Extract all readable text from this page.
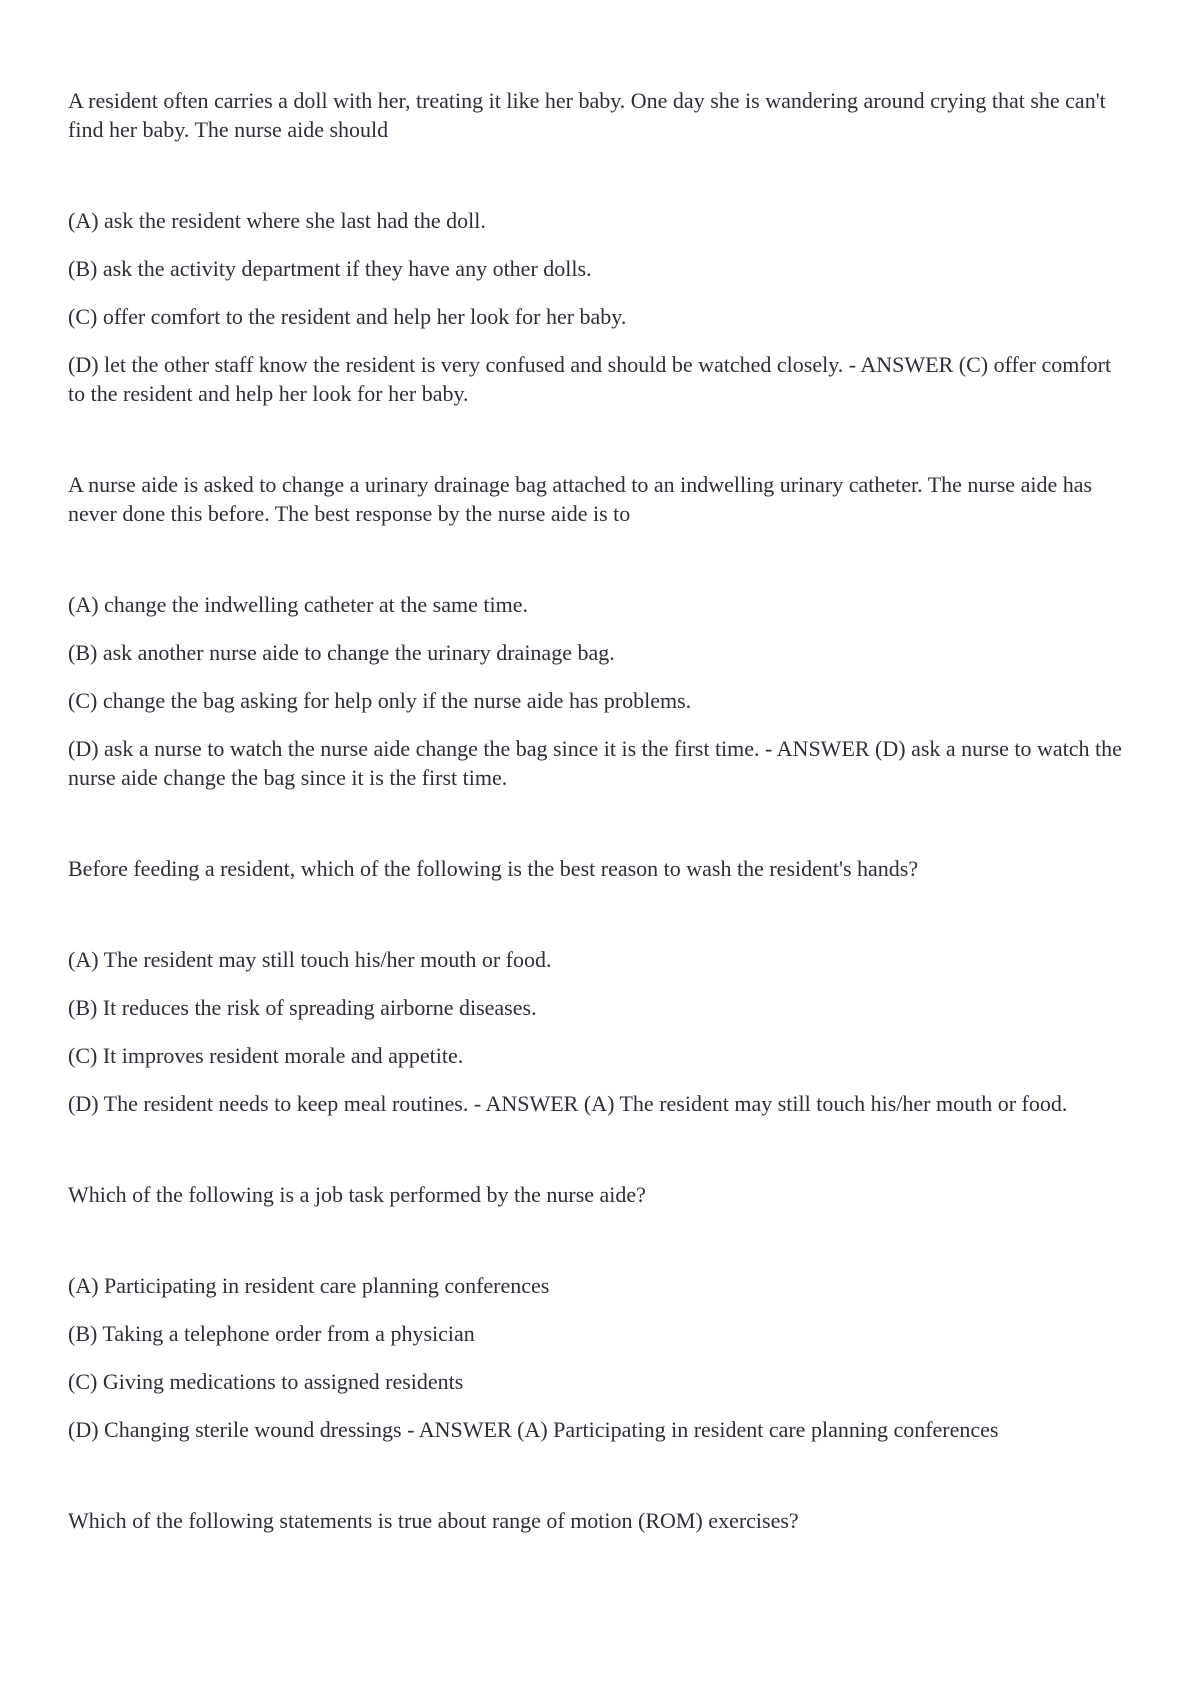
A resident often carries a doll with her, treating it like her baby. One day she is wandering around crying that she can't find her baby. The nurse aide should
(A) ask the resident where she last had the doll.
(B) ask the activity department if they have any other dolls.
(C) offer comfort to the resident and help her look for her baby.
(D) let the other staff know the resident is very confused and should be watched closely. - ANSWER (C) offer comfort to the resident and help her look for her baby.
A nurse aide is asked to change a urinary drainage bag attached to an indwelling urinary catheter. The nurse aide has never done this before. The best response by the nurse aide is to
(A) change the indwelling catheter at the same time.
(B) ask another nurse aide to change the urinary drainage bag.
(C) change the bag asking for help only if the nurse aide has problems.
(D) ask a nurse to watch the nurse aide change the bag since it is the first time. - ANSWER (D) ask a nurse to watch the nurse aide change the bag since it is the first time.
Before feeding a resident, which of the following is the best reason to wash the resident's hands?
(A) The resident may still touch his/her mouth or food.
(B) It reduces the risk of spreading airborne diseases.
(C) It improves resident morale and appetite.
(D) The resident needs to keep meal routines. - ANSWER (A) The resident may still touch his/her mouth or food.
Which of the following is a job task performed by the nurse aide?
(A) Participating in resident care planning conferences
(B) Taking a telephone order from a physician
(C) Giving medications to assigned residents
(D) Changing sterile wound dressings - ANSWER (A) Participating in resident care planning conferences
Which of the following statements is true about range of motion (ROM) exercises?
